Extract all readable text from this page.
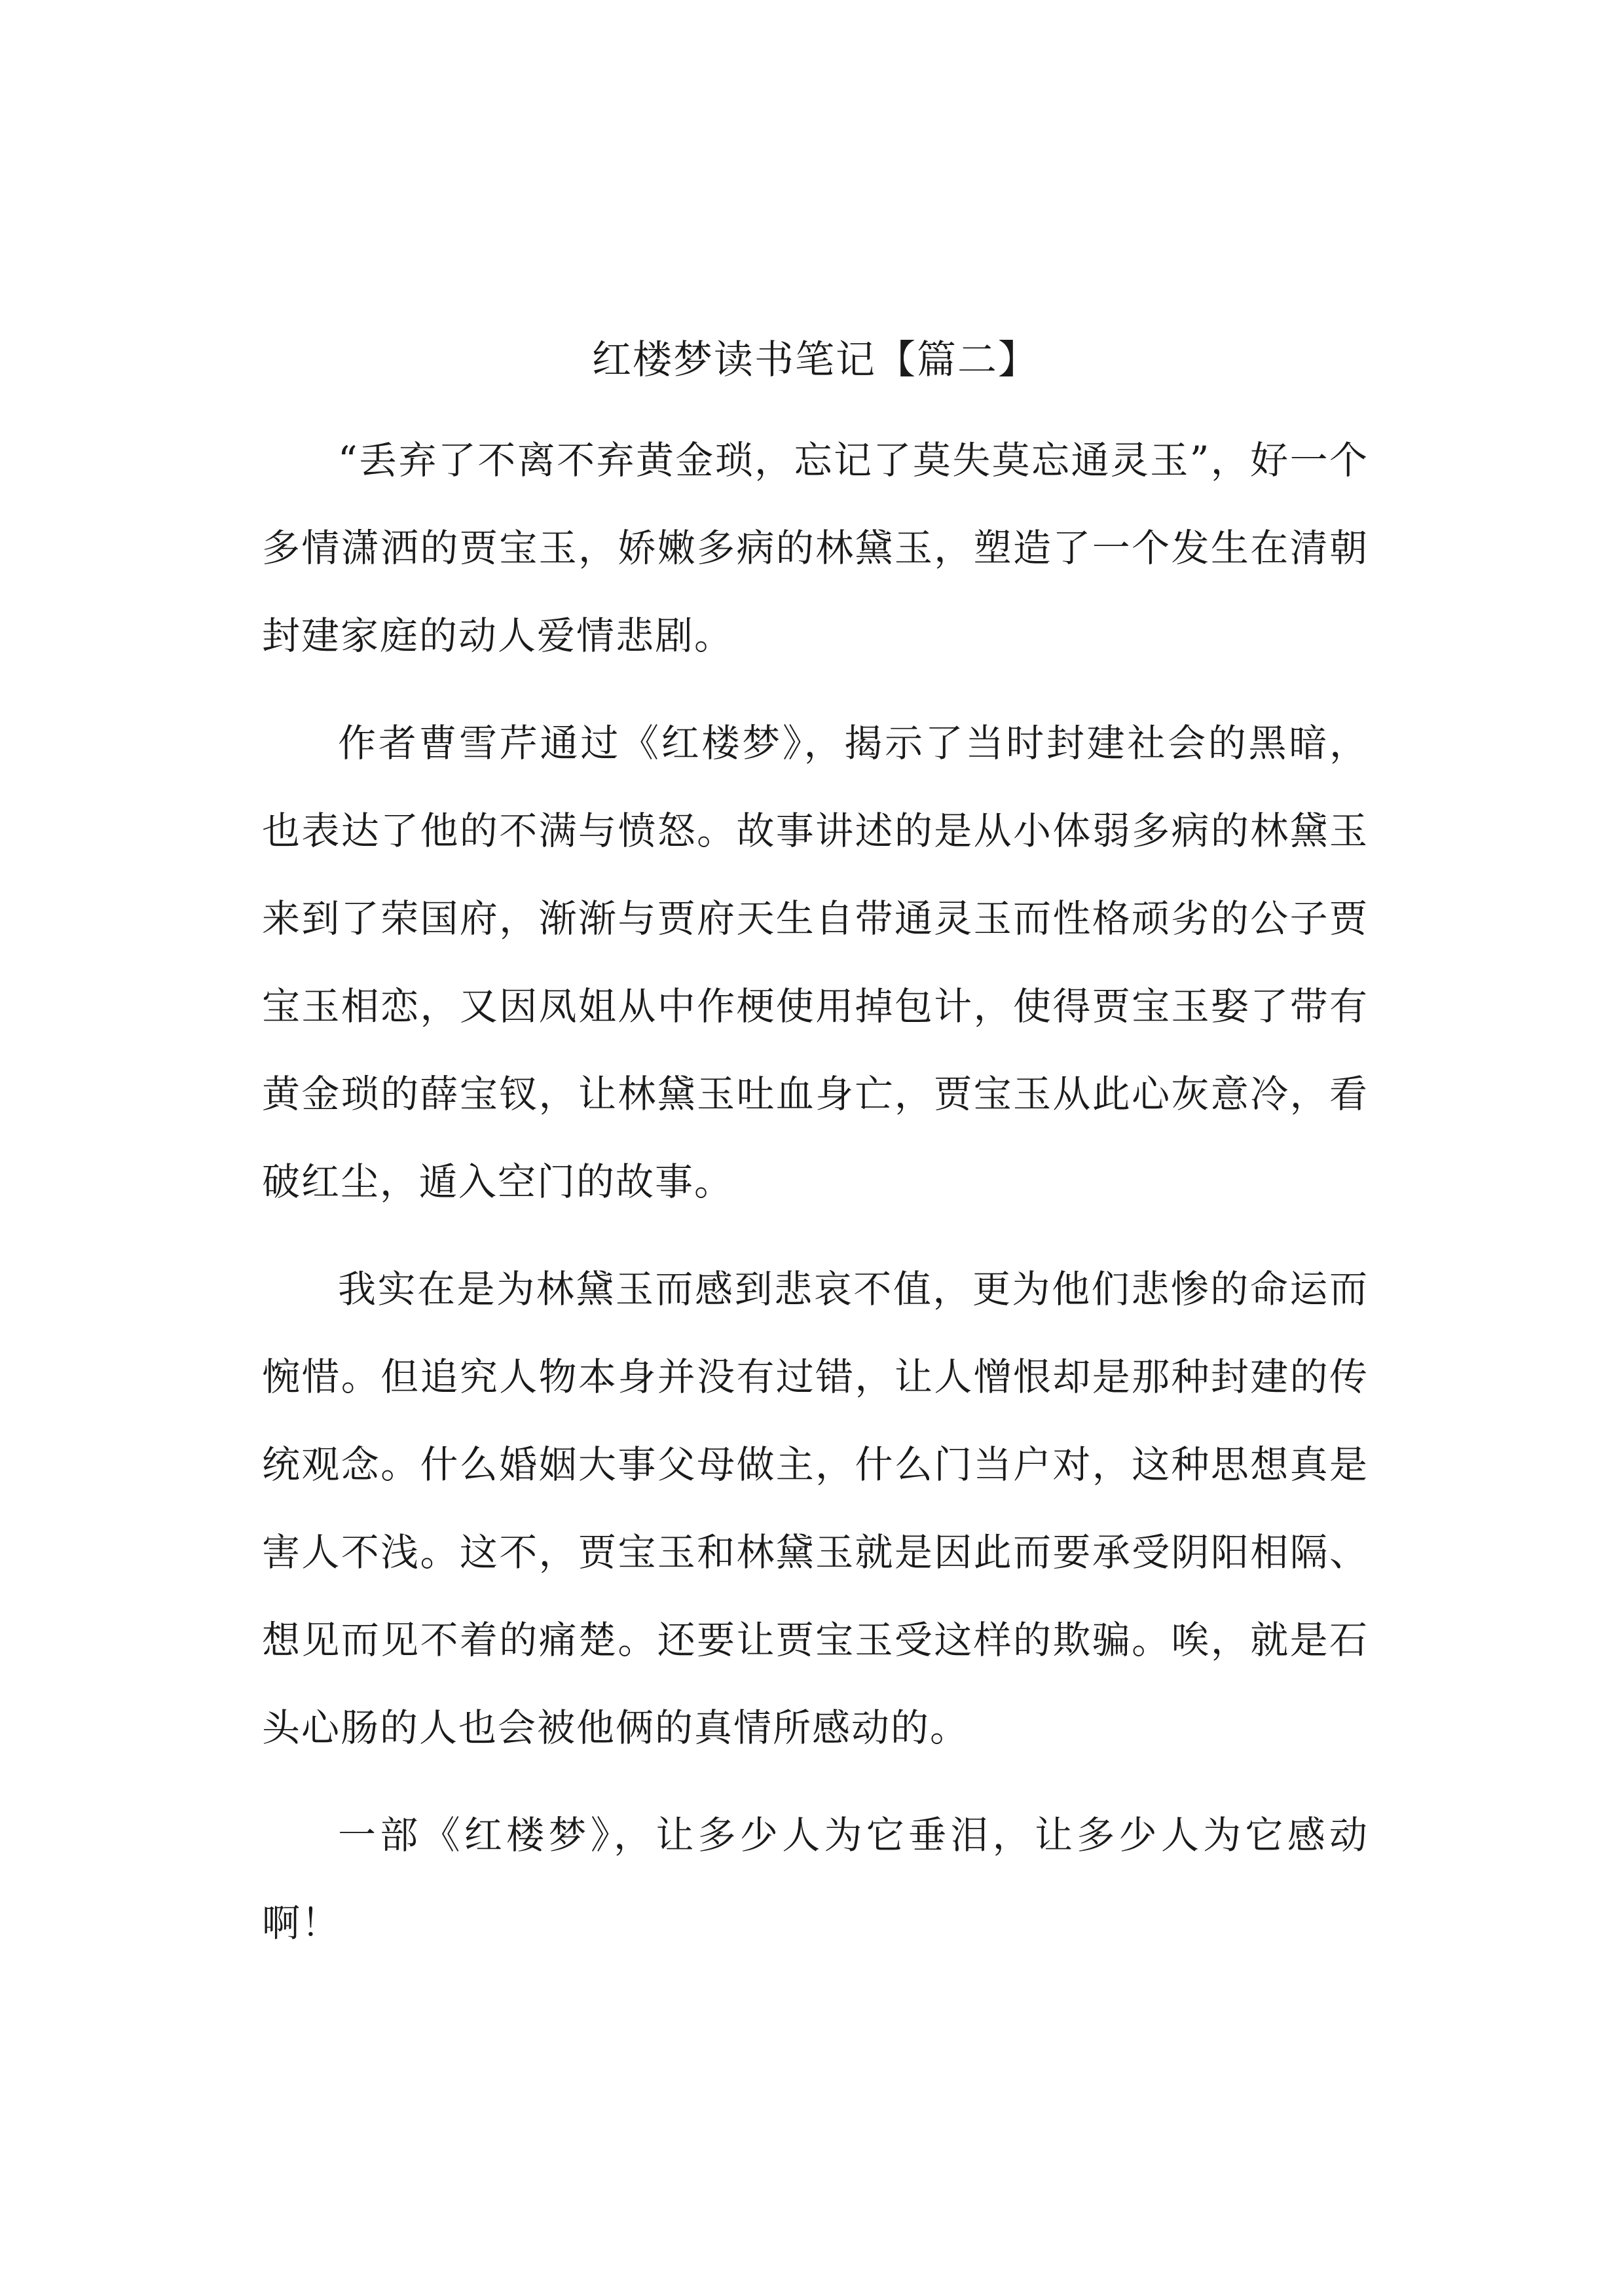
红楼梦读书笔记【篇二】

“丢弃了不离不弃黄金琐，忘记了莫失莫忘通灵玉”，好一个多情潇洒的贾宝玉，娇嫩多病的林黛玉，塑造了一个发生在清朝封建家庭的动人爱情悲剧。

作者曹雪芹通过《红楼梦》，揭示了当时封建社会的黑暗，也表达了他的不满与愤怒。故事讲述的是从小体弱多病的林黛玉来到了荣国府，渐渐与贾府天生自带通灵玉而性格顽劣的公子贾宝玉相恋，又因凤姐从中作梗使用掉包计，使得贾宝玉娶了带有黄金琐的薛宝钗，让林黛玉吐血身亡，贾宝玉从此心灰意冷，看破红尘，遁入空门的故事。

我实在是为林黛玉而感到悲哀不值，更为他们悲惨的命运而惋惜。但追究人物本身并没有过错，让人憎恨却是那种封建的传统观念。什么婚姻大事父母做主，什么门当户对，这种思想真是害人不浅。这不，贾宝玉和林黛玉就是因此而要承受阴阳相隔、想见而见不着的痛楚。还要让贾宝玉受这样的欺骗。唉，就是石头心肠的人也会被他俩的真情所感动的。

一部《红楼梦》，让多少人为它垂泪，让多少人为它感动啊！
